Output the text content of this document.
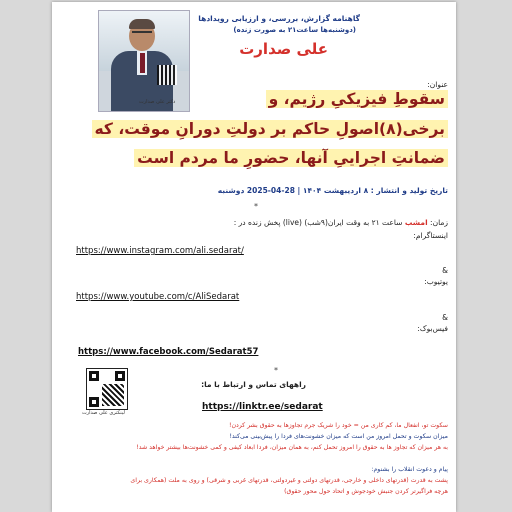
دکتر علی صدارت
گاهنامه گزارش، بررسی، و ارزیابی رویدادها
(دوشنبه‌ها ساعت۲۱ به صورت زنده)
علی صدارت
عنوان:
سقوطِ فیزیکیِ رژیم، و
برخی(۸)اصولِ حاکم بر دولتِ دورانِ موقت، که
ضمانتِ اجراییِ آنها، حضورِ ما مردم است
تاریخ تولید و انتشار : ۸ اردیبهشت ۱۴۰۴ | 28-04-2025 دوشنبه
*
زمان: امشب ساعت ۲۱ به وقت ایران(۹شب) (live) پخش زنده در :
اینستاگرام:
https://www.instagram.com/ali.sedarat/
&
یوتیوب:
https://www.youtube.com/c/AliSedarat
&
فیس‌بوک:
https://www.facebook.com/Sedarat57
*
لینکتری علی صدارت
راههای تماس و ارتباط با ما:
https://linktr.ee/sedarat
سکوت تو، انفعال ما، کم کاری من = خود را شریک جرم تجاوزها به حقوق بشر کردن!
میزان سکوت و تحمل امروز من است که میزان خشونت‌های فردا را پیش‌بینی می‌کند!
به هر میزان که تجاوز ها به حقوق را امروز تحمل کنم، به همان میزان، فردا ابعاد کیفی و کمی خشونت‌ها بیشتر خواهد شد!
پیام و دعوت انقلاب را بشنوم:
پشت به قدرت (قدرتهای داخلی و خارجی، قدرتهای دولتی و غیردولتی، قدرتهای غربی و شرقی) و روی به ملت (همکاری برای
هرچه فراگیرتر کردن جنبش خودجوش و اتحاد حول محور حقوق)
